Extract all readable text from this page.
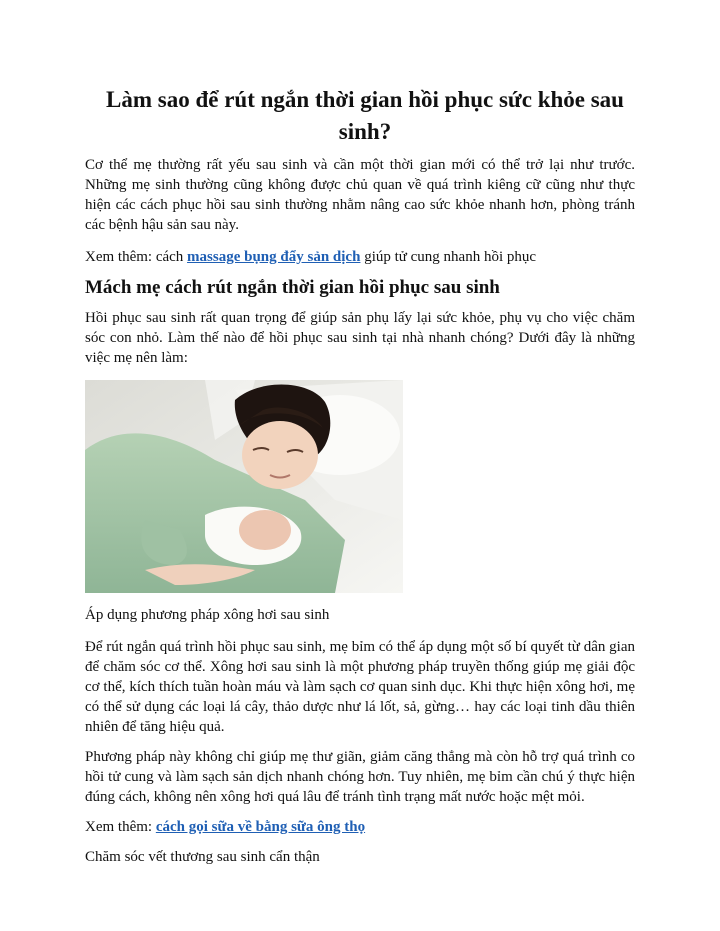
Làm sao để rút ngắn thời gian hồi phục sức khỏe sau sinh?

Cơ thể mẹ thường rất yếu sau sinh và cần một thời gian mới có thể trở lại như trước. Những mẹ sinh thường cũng không được chủ quan về quá trình kiêng cữ cũng như thực hiện các cách phục hồi sau sinh thường nhằm nâng cao sức khỏe nhanh hơn, phòng tránh các bệnh hậu sản sau này.

Xem thêm: cách massage bụng đẩy sản dịch giúp tử cung nhanh hồi phục

Mách mẹ cách rút ngắn thời gian hồi phục sau sinh

Hồi phục sau sinh rất quan trọng để giúp sản phụ lấy lại sức khỏe, phụ vụ cho việc chăm sóc con nhỏ. Làm thế nào để hồi phục sau sinh tại nhà nhanh chóng? Dưới đây là những việc mẹ nên làm:

Áp dụng phương pháp xông hơi sau sinh

Để rút ngắn quá trình hồi phục sau sinh, mẹ bỉm có thể áp dụng một số bí quyết từ dân gian để chăm sóc cơ thể. Xông hơi sau sinh là một phương pháp truyền thống giúp mẹ giải độc cơ thể, kích thích tuần hoàn máu và làm sạch cơ quan sinh dục. Khi thực hiện xông hơi, mẹ có thể sử dụng các loại lá cây, thảo dược như lá lốt, sả, gừng… hay các loại tinh dầu thiên nhiên để tăng hiệu quả.

Phương pháp này không chỉ giúp mẹ thư giãn, giảm căng thẳng mà còn hỗ trợ quá trình co hồi tử cung và làm sạch sản dịch nhanh chóng hơn. Tuy nhiên, mẹ bỉm cần chú ý thực hiện đúng cách, không nên xông hơi quá lâu để tránh tình trạng mất nước hoặc mệt mỏi.

Xem thêm: cách gọi sữa về bằng sữa ông thọ

Chăm sóc vết thương sau sinh cẩn thận
